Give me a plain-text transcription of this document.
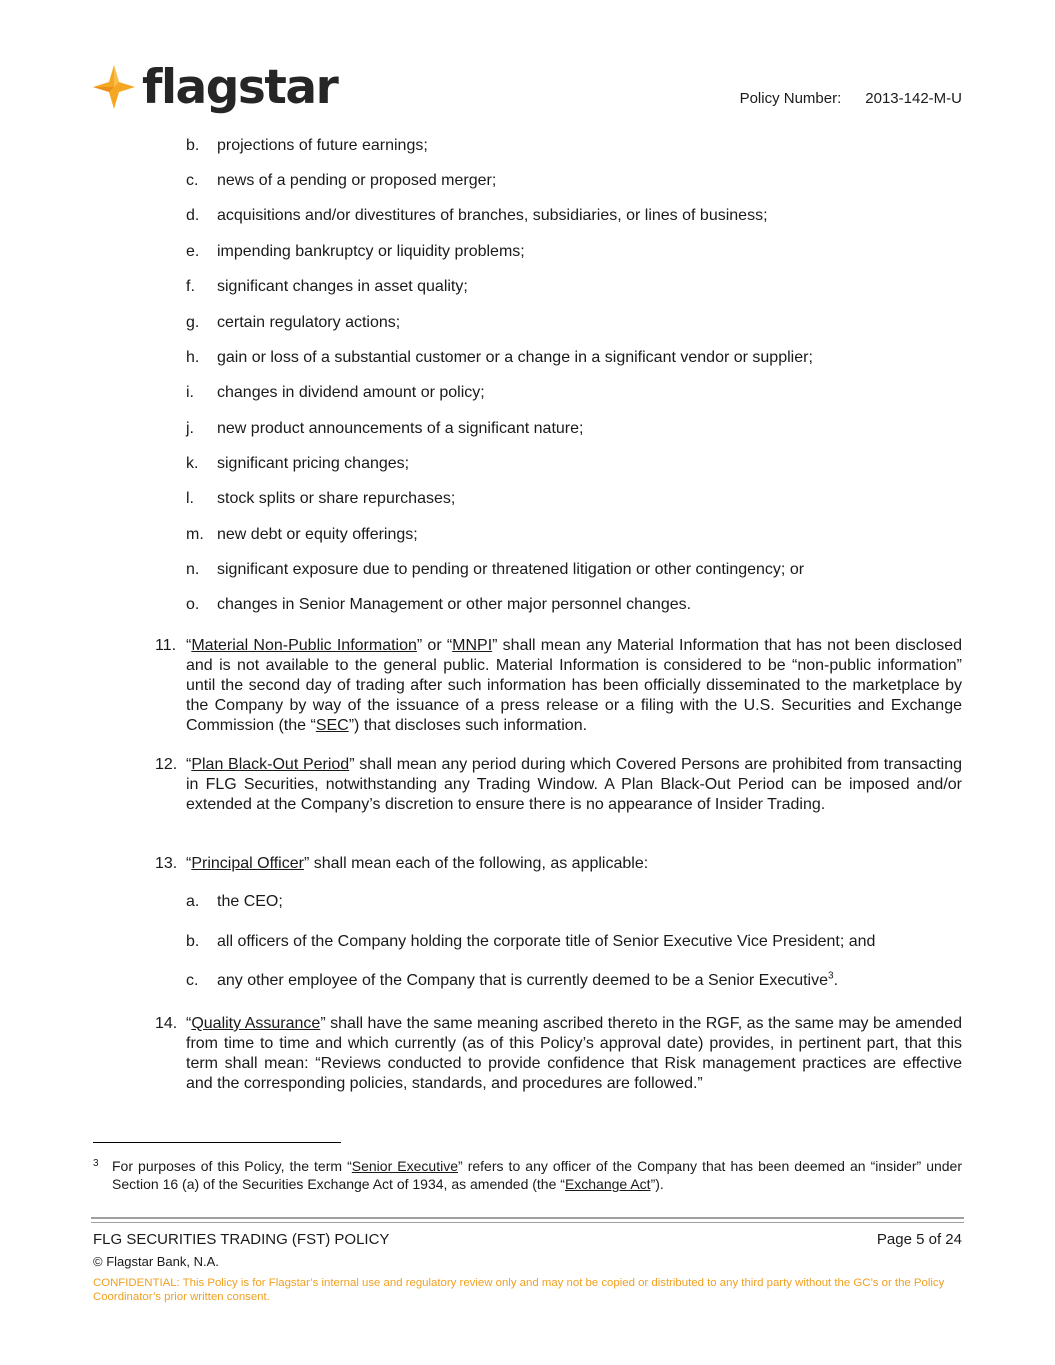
flagstar	Policy Number: 2013-142-M-U
b. projections of future earnings;
c. news of a pending or proposed merger;
d. acquisitions and/or divestitures of branches, subsidiaries, or lines of business;
e. impending bankruptcy or liquidity problems;
f. significant changes in asset quality;
g. certain regulatory actions;
h. gain or loss of a substantial customer or a change in a significant vendor or supplier;
i. changes in dividend amount or policy;
j. new product announcements of a significant nature;
k. significant pricing changes;
l. stock splits or share repurchases;
m. new debt or equity offerings;
n. significant exposure due to pending or threatened litigation or other contingency; or
o. changes in Senior Management or other major personnel changes.
11. “Material Non-Public Information” or “MNPI” shall mean any Material Information that has not been disclosed and is not available to the general public. Material Information is considered to be “non-public information” until the second day of trading after such information has been officially disseminated to the marketplace by the Company by way of the issuance of a press release or a filing with the U.S. Securities and Exchange Commission (the “SEC”) that discloses such information.
12. “Plan Black-Out Period” shall mean any period during which Covered Persons are prohibited from transacting in FLG Securities, notwithstanding any Trading Window. A Plan Black-Out Period can be imposed and/or extended at the Company’s discretion to ensure there is no appearance of Insider Trading.
13. “Principal Officer” shall mean each of the following, as applicable:
a. the CEO;
b. all officers of the Company holding the corporate title of Senior Executive Vice President; and
c. any other employee of the Company that is currently deemed to be a Senior Executive$^3$.
14. “Quality Assurance” shall have the same meaning ascribed thereto in the RGF, as the same may be amended from time to time and which currently (as of this Policy’s approval date) provides, in pertinent part, that this term shall mean: “Reviews conducted to provide confidence that Risk management practices are effective and the corresponding policies, standards, and procedures are followed.”
3 For purposes of this Policy, the term “Senior Executive” refers to any officer of the Company that has been deemed an “insider” under Section 16 (a) of the Securities Exchange Act of 1934, as amended (the “Exchange Act”).
FLG SECURITIES TRADING (FST) POLICY	Page 5 of 24
© Flagstar Bank, N.A.
CONFIDENTIAL: This Policy is for Flagstar’s internal use and regulatory review only and may not be copied or distributed to any third party without the GC’s or the Policy Coordinator’s prior written consent.
